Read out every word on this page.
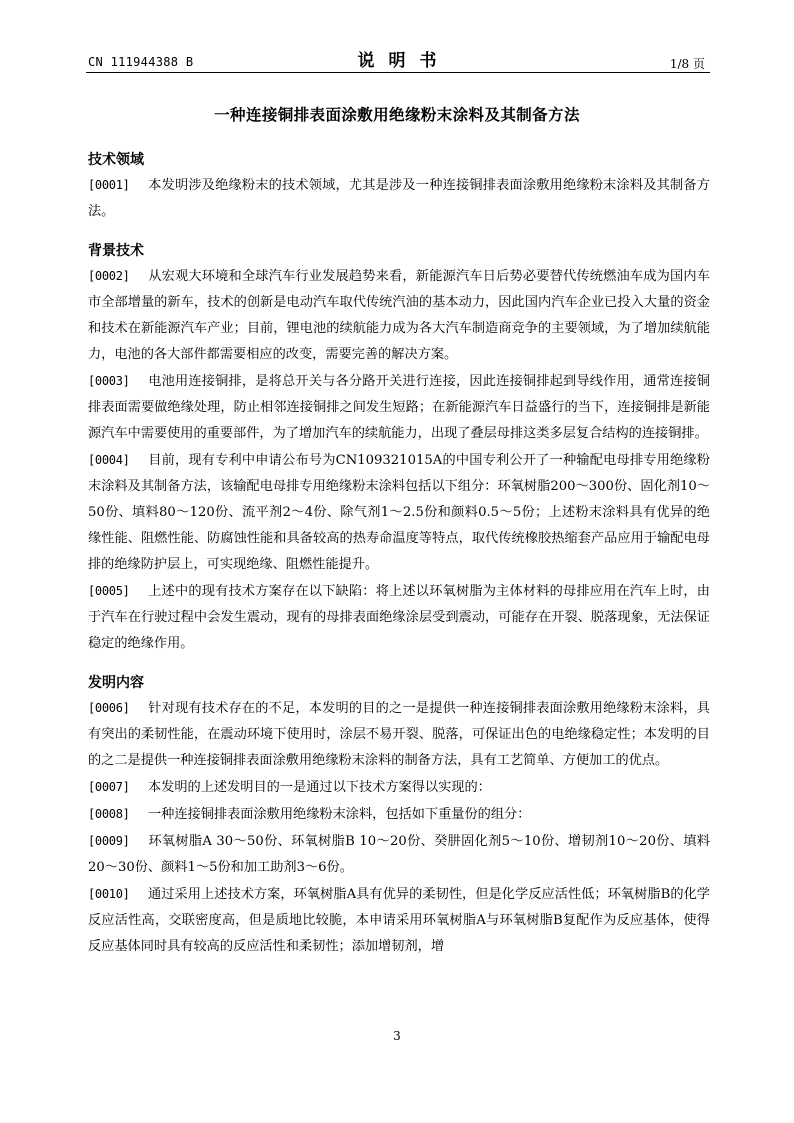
CN 111944388 B	说明书	1/8 页
一种连接铜排表面涂敷用绝缘粉末涂料及其制备方法
技术领域
[0001] 本发明涉及绝缘粉末的技术领域，尤其是涉及一种连接铜排表面涂敷用绝缘粉末涂料及其制备方法。
背景技术
[0002] 从宏观大环境和全球汽车行业发展趋势来看，新能源汽车日后势必要替代传统燃油车成为国内车市全部增量的新车，技术的创新是电动汽车取代传统汽油的基本动力，因此国内汽车企业已投入大量的资金和技术在新能源汽车产业；目前，锂电池的续航能力成为各大汽车制造商竞争的主要领域，为了增加续航能力，电池的各大部件都需要相应的改变，需要完善的解决方案。
[0003] 电池用连接铜排，是将总开关与各分路开关进行连接，因此连接铜排起到导线作用，通常连接铜排表面需要做绝缘处理，防止相邻连接铜排之间发生短路；在新能源汽车日益盛行的当下，连接铜排是新能源汽车中需要使用的重要部件，为了增加汽车的续航能力，出现了叠层母排这类多层复合结构的连接铜排。
[0004] 目前，现有专利中申请公布号为CN109321015A的中国专利公开了一种输配电母排专用绝缘粉末涂料及其制备方法，该输配电母排专用绝缘粉末涂料包括以下组分：环氧树脂200～300份、固化剂10～50份、填料80～120份、流平剂2～4份、除气剂1～2.5份和颜料0.5～5份；上述粉末涂料具有优异的绝缘性能、阻燃性能、防腐蚀性能和具备较高的热寿命温度等特点，取代传统橡胶热缩套产品应用于输配电母排的绝缘防护层上，可实现绝缘、阻燃性能提升。
[0005] 上述中的现有技术方案存在以下缺陷：将上述以环氧树脂为主体材料的母排应用在汽车上时，由于汽车在行驶过程中会发生震动，现有的母排表面绝缘涂层受到震动，可能存在开裂、脱落现象，无法保证稳定的绝缘作用。
发明内容
[0006] 针对现有技术存在的不足，本发明的目的之一是提供一种连接铜排表面涂敷用绝缘粉末涂料，具有突出的柔韧性能，在震动环境下使用时，涂层不易开裂、脱落，可保证出色的电绝缘稳定性；本发明的目的之二是提供一种连接铜排表面涂敷用绝缘粉末涂料的制备方法，具有工艺简单、方便加工的优点。
[0007] 本发明的上述发明目的一是通过以下技术方案得以实现的：
[0008] 一种连接铜排表面涂敷用绝缘粉末涂料，包括如下重量份的组分：
[0009] 环氧树脂A 30～50份、环氧树脂B 10～20份、癸肼固化剂5～10份、增韧剂10～20份、填料20～30份、颜料1～5份和加工助剂3～6份。
[0010] 通过采用上述技术方案，环氧树脂A具有优异的柔韧性，但是化学反应活性低；环氧树脂B的化学反应活性高，交联密度高，但是质地比较脆，本申请采用环氧树脂A与环氧树脂B复配作为反应基体，使得反应基体同时具有较高的反应活性和柔韧性；添加增韧剂，增
3
